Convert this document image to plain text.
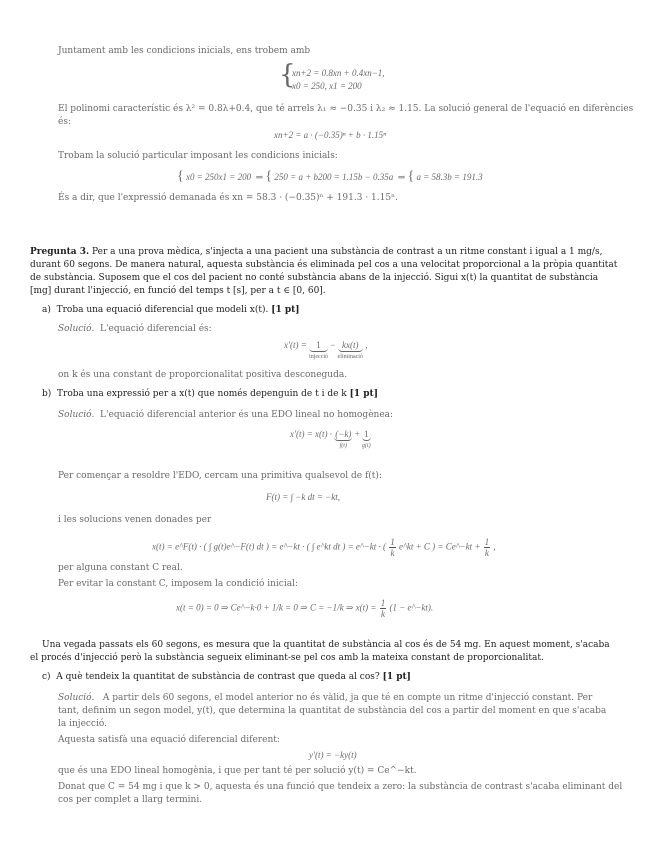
Juntament amb les condicions inicials, ens trobem amb
{
xn+2 = 0.8xn + 0.4xn−1,
x0 = 250, x1 = 200
El polinomi característic és λ² = 0.8λ+0.4, que té arrels λ₁ ≈ −0.35 i λ₂ ≈ 1.15. La solució general de l'equació en diferències
és:
xn+2 = a · (−0.35)ⁿ + b · 1.15ⁿ
Trobam la solució particular imposant les condicions inicials:
{ x0 = 250x1 = 200  ⇒ { 250 = a + b200 = 1.15b − 0.35a  ⇒ { a = 58.3b = 191.3
És a dir, que l'expressió demanada és xn = 58.3 · (−0.35)ⁿ + 191.3 · 1.15ⁿ.
Pregunta 3. Per a una prova mèdica, s'injecta a una pacient una substància de contrast a un ritme constant i igual a 1 mg/s,
durant 60 segons. De manera natural, aquesta substància és eliminada pel cos a una velocitat proporcional a la pròpia quantitat
de substància. Suposem que el cos del pacient no conté substància abans de la injecció. Sigui x(t) la quantitat de substància
[mg] durant l'injecció, en funció del temps t [s], per a t ∈ [0, 60].
a) Troba una equació diferencial que modeli x(t). [1 pt]
Solució. L'equació diferencial és:
x′(t) = 1
injecció
− kx(t)
eliminació
,
on k és una constant de proporcionalitat positiva desconeguda.
b) Troba una expressió per a x(t) que només depenguin de t i de k [1 pt]
Solució. L'equació diferencial anterior és una EDO lineal no homogènea:
x′(t) = x(t) · (−k)
f(t)
+ 1
g(t)
Per començar a resoldre l'EDO, cercam una primitiva qualsevol de f(t):
F(t) = ∫ −k dt = −kt,
i les solucions venen donades per
x(t) = e^F(t) · ( ∫ g(t)e^−F(t) dt ) = e^−kt · ( ∫ e^kt dt ) = e^−kt · ( $\frac{1}{k}$ e^kt + C ) = Ce^−kt + $\frac{1}{k}$ ,
per alguna constant C real.
Per evitar la constant C, imposem la condició inicial:
x(t = 0) = 0 ⇒ Ce^−k·0 + 1/k = 0 ⇒ C = −1/k ⇒ $x(t) = \frac{1}{k} (1$ − e^−kt).
Una vegada passats els 60 segons, es mesura que la quantitat de substància al cos és de 54 mg. En aquest moment, s'acaba
el procés d'injecció però la substància segueix eliminant-se pel cos amb la mateixa constant de proporcionalitat.
c) A què tendeix la quantitat de substància de contrast que queda al cos? [1 pt]
Solució. A partir dels 60 segons, el model anterior no és vàlid, ja que té en compte un ritme d'injecció constant. Per
tant, definim un segon model, y(t), que determina la quantitat de substància del cos a partir del moment en que s'acaba
la injecció.
Aquesta satisfà una equació diferencial diferent:
y′(t) = −ky(t)
que és una EDO lineal homogènia, i que per tant té per solució y(t) = Ce^−kt.
Donat que C = 54 mg i que k > 0, aquesta és una funció que tendeix a zero: la substància de contrast s'acaba eliminant del
cos per complet a llarg termini.
